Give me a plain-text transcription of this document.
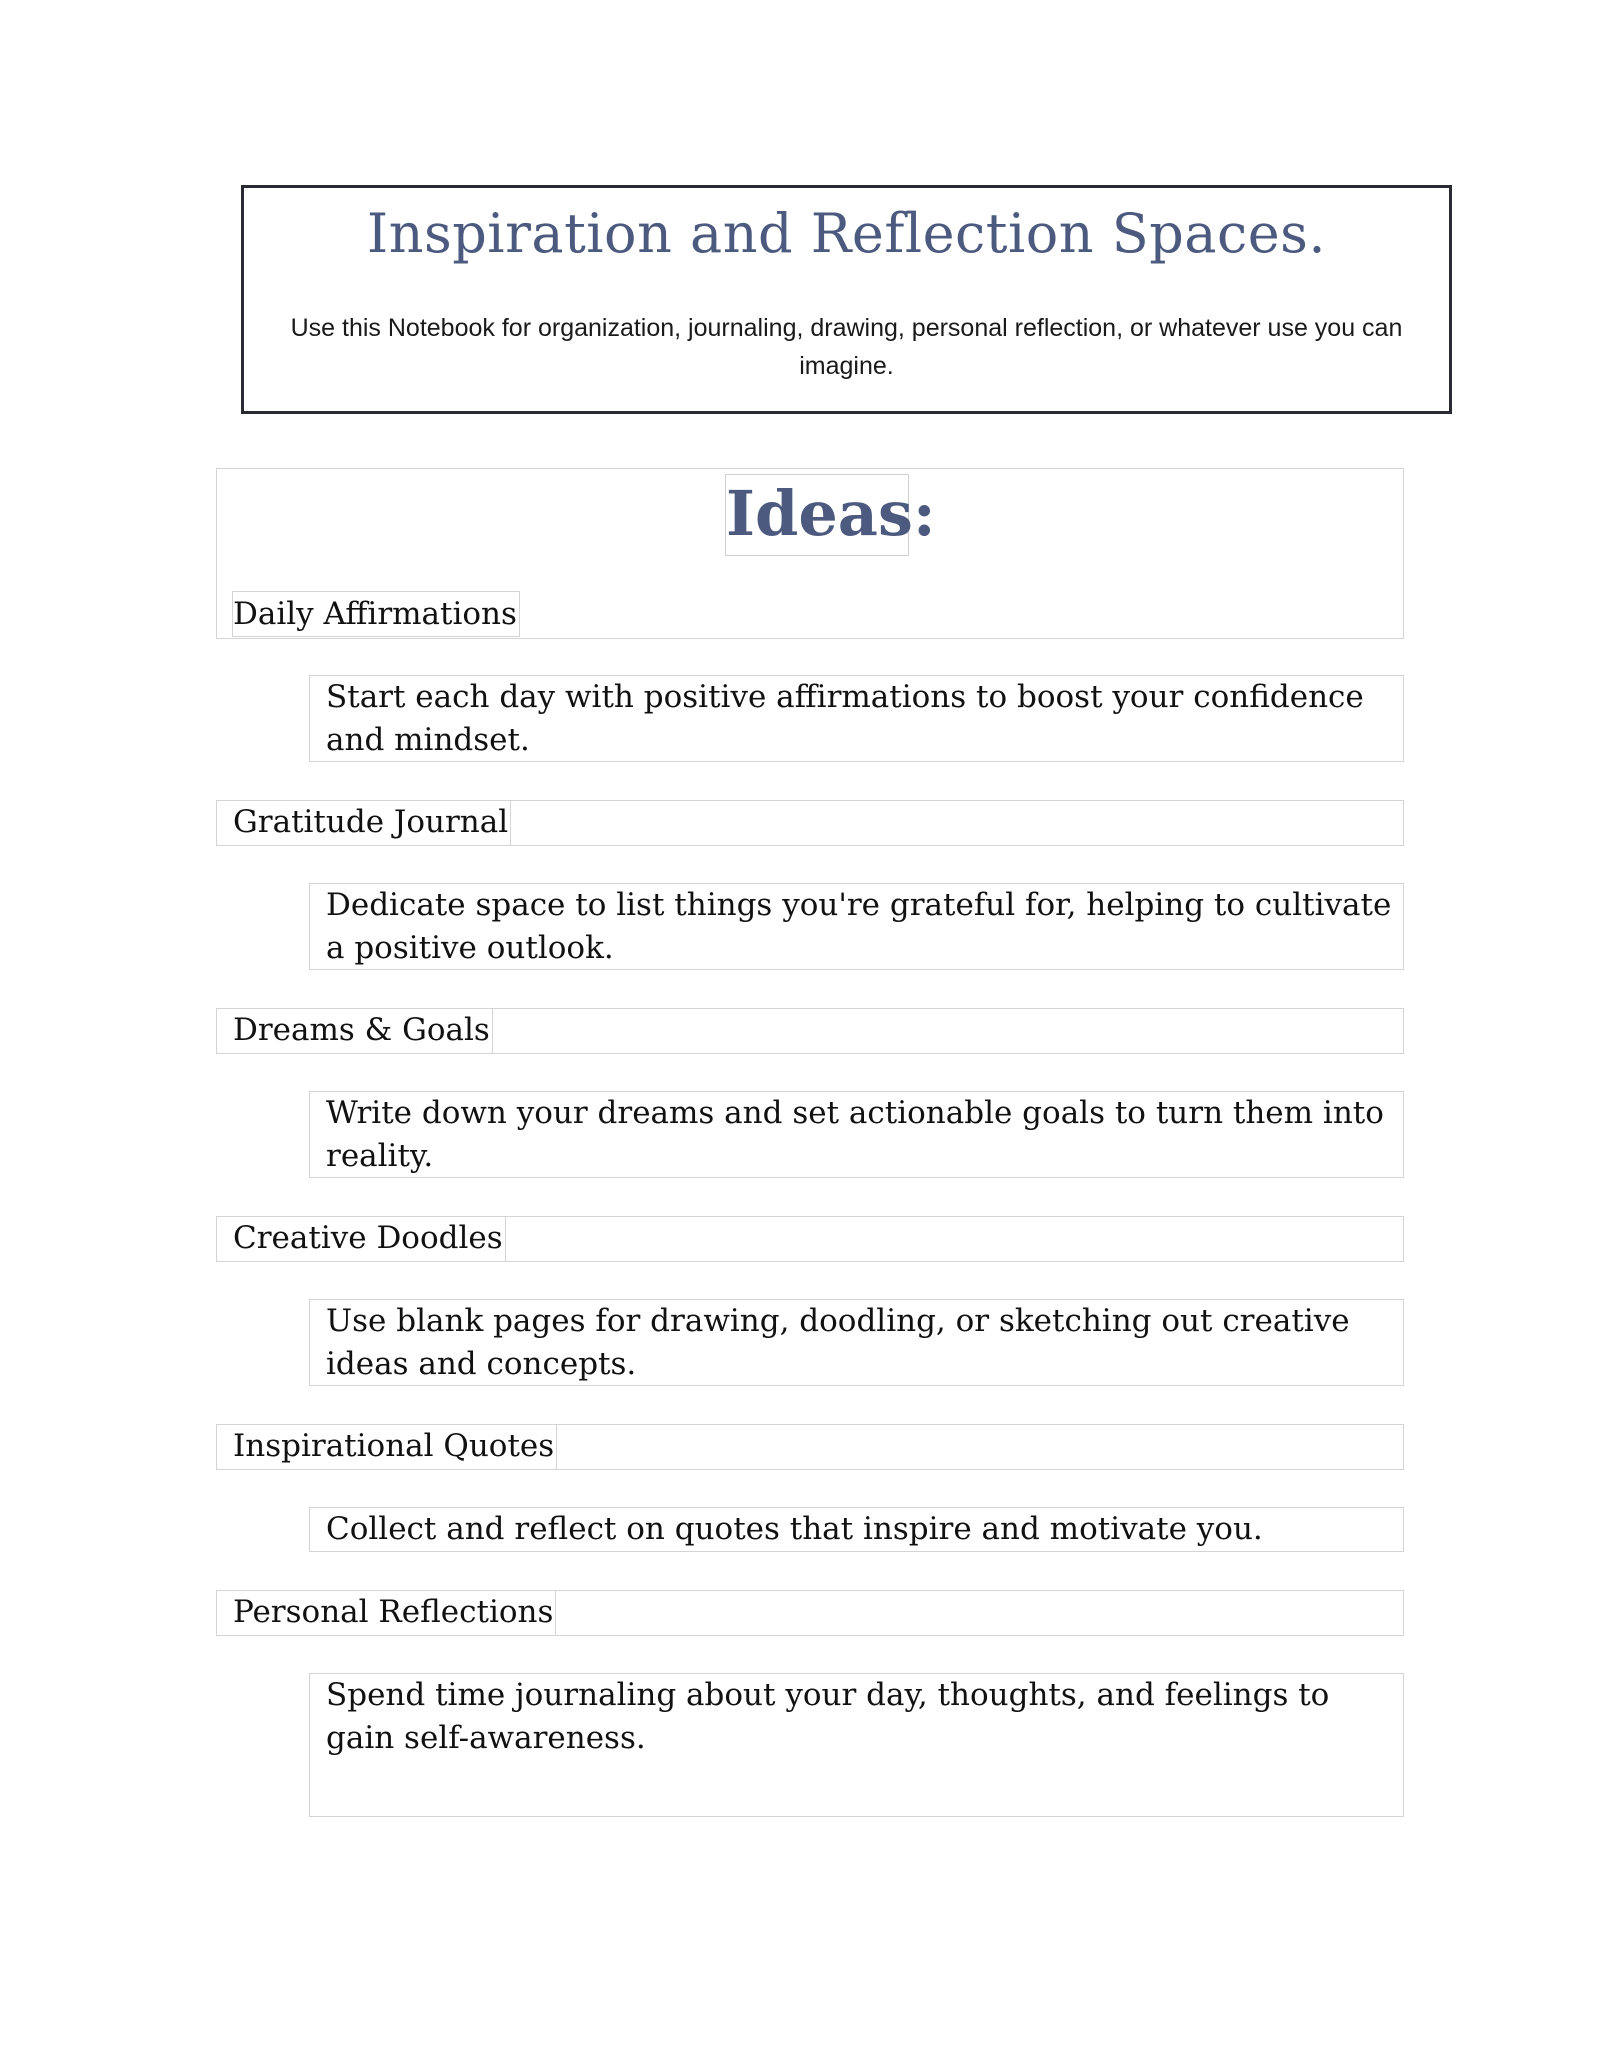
Inspiration and Reflection Spaces.
Use this Notebook for organization, journaling, drawing, personal reflection, or whatever use you can imagine.
Ideas:
Daily Affirmations
Start each day with positive affirmations to boost your confidence and mindset.
Gratitude Journal
Dedicate space to list things you're grateful for, helping to cultivate a positive outlook.
Dreams & Goals
Write down your dreams and set actionable goals to turn them into reality.
Creative Doodles
Use blank pages for drawing, doodling, or sketching out creative ideas and concepts.
Inspirational Quotes
Collect and reflect on quotes that inspire and motivate you.
Personal Reflections
Spend time journaling about your day, thoughts, and feelings to gain self-awareness.
